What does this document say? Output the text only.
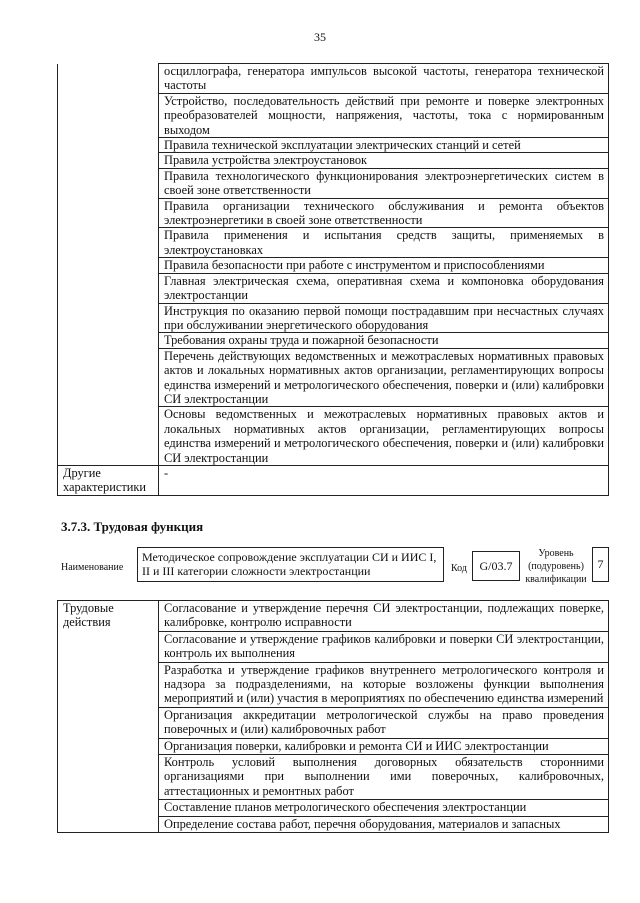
35
	осциллографа, генератора импульсов высокой частоты, генератора технической частоты
	Устройство, последовательность действий при ремонте и поверке электронных преобразователей мощности, напряжения, частоты, тока с нормированным выходом
	Правила технической эксплуатации электрических станций и сетей
	Правила устройства электроустановок
	Правила технологического функционирования электроэнергетических систем в своей зоне ответственности
	Правила организации технического обслуживания и ремонта объектов электроэнергетики в своей зоне ответственности
	Правила применения и испытания средств защиты, применяемых в электроустановках
	Правила безопасности при работе с инструментом и приспособлениями
	Главная электрическая схема, оперативная схема и компоновка оборудования электростанции
	Инструкция по оказанию первой помощи пострадавшим при несчастных случаях при обслуживании энергетического оборудования
	Требования охраны труда и пожарной безопасности
	Перечень действующих ведомственных и межотраслевых нормативных правовых актов и локальных нормативных актов организации, регламентирующих вопросы единства измерений и метрологического обеспечения, поверки и (или) калибровки СИ электростанции
	Основы ведомственных и межотраслевых нормативных правовых актов и локальных нормативных актов организации, регламентирующих вопросы единства измерений и метрологического обеспечения, поверки и (или) калибровки СИ электростанции
Другие характеристики	-
3.7.3. Трудовая функция
Наименование
Методическое сопровождение эксплуатации СИ и ИИС I, II и III категории сложности электростанции	Код	G/03.7
Уровень (подуровень) квалификации
7
Трудовые действия	Согласование и утверждение перечня СИ электростанции, подлежащих поверке, калибровке, контролю исправности
Согласование и утверждение графиков калибровки и поверки СИ электростанции, контроль их выполнения
Разработка и утверждение графиков внутреннего метрологического контроля и надзора за подразделениями, на которые возложены функции выполнения мероприятий и (или) участия в мероприятиях по обеспечению единства измерений
Организация аккредитации метрологической службы на право проведения поверочных и (или) калибровочных работ
Организация поверки, калибровки и ремонта СИ и ИИС электростанции
Контроль условий выполнения договорных обязательств сторонними организациями при выполнении ими поверочных, калибровочных, аттестационных и ремонтных работ
Составление планов метрологического обеспечения электростанции
Определение состава работ, перечня оборудования, материалов и запасных
